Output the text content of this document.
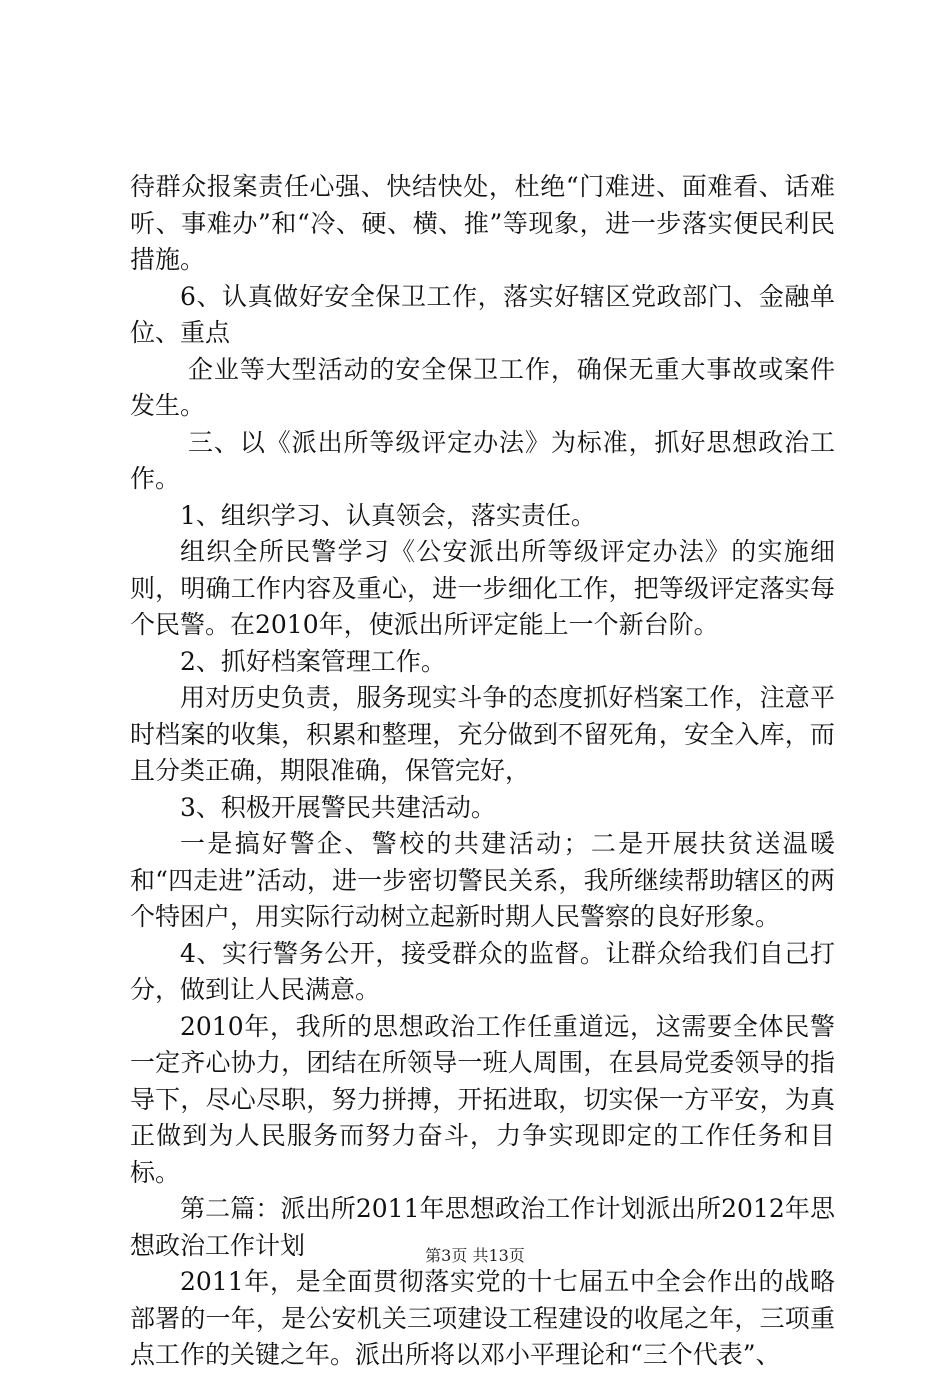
待群众报案责任心强、快结快处，杜绝“门难进、面难看、话难听、事难办”和“冷、硬、横、推”等现象，进一步落实便民利民措施。

6、认真做好安全保卫工作，落实好辖区党政部门、金融单位、重点

企业等大型活动的安全保卫工作，确保无重大事故或案件发生。

三、以《派出所等级评定办法》为标准，抓好思想政治工作。

1、组织学习、认真领会，落实责任。

组织全所民警学习《公安派出所等级评定办法》的实施细则，明确工作内容及重心，进一步细化工作，把等级评定落实每个民警。在2010年，使派出所评定能上一个新台阶。

2、抓好档案管理工作。

用对历史负责，服务现实斗争的态度抓好档案工作，注意平时档案的收集，积累和整理，充分做到不留死角，安全入库，而且分类正确，期限准确，保管完好，

3、积极开展警民共建活动。

一是搞好警企、警校的共建活动；二是开展扶贫送温暖和“四走进”活动，进一步密切警民关系，我所继续帮助辖区的两个特困户，用实际行动树立起新时期人民警察的良好形象。

4、实行警务公开，接受群众的监督。让群众给我们自己打分，做到让人民满意。

2010年，我所的思想政治工作任重道远，这需要全体民警一定齐心协力，团结在所领导一班人周围，在县局党委领导的指导下，尽心尽职，努力拼搏，开拓进取，切实保一方平安，为真正做到为人民服务而努力奋斗，力争实现即定的工作任务和目标。

第二篇：派出所2011年思想政治工作计划派出所2012年思想政治工作计划

2011年，是全面贯彻落实党的十七届五中全会作出的战略部署的一年，是公安机关三项建设工程建设的收尾之年，三项重点工作的关键之年。派出所将以邓小平理论和“三个代表”、

第3页 共13页
